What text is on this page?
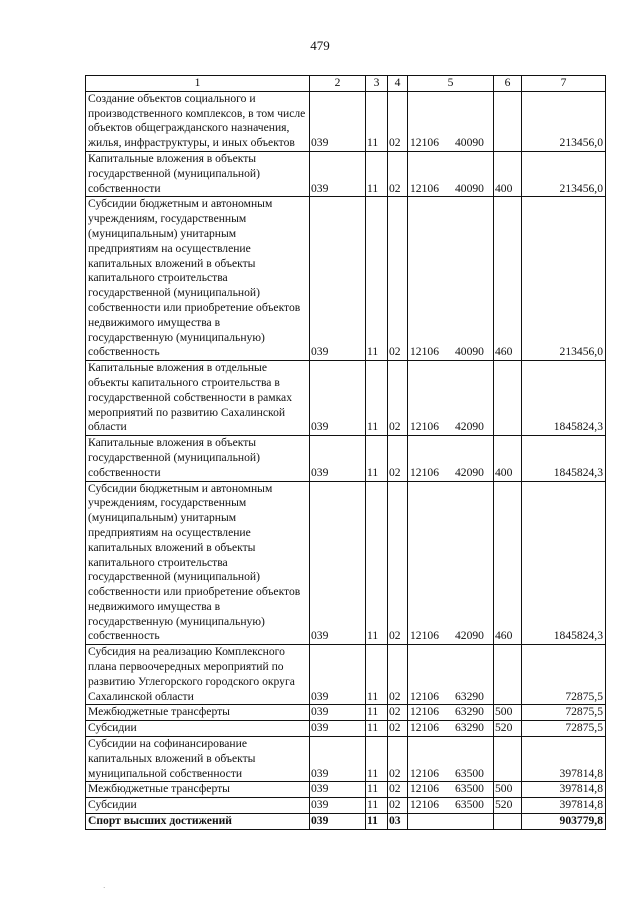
479
1	2	3	4	5	6	7
Создание объектов социального и производственного комплексов, в том числе объектов общегражданского назначения, жилья, инфраструктуры, и иных объектов	039	11	02	12106 40090		213456,0
Капитальные вложения в объекты государственной (муниципальной) собственности	039	11	02	12106 40090	400	213456,0
Субсидии бюджетным и автономным учреждениям, государственным (муниципальным) унитарным предприятиям на осуществление капитальных вложений в объекты капитального строительства государственной (муниципальной) собственности или приобретение объектов недвижимого имущества в государственную (муниципальную) собственность	039	11	02	12106 40090	460	213456,0
Капитальные вложения в отдельные объекты капитального строительства в государственной собственности в рамках мероприятий по развитию Сахалинской области	039	11	02	12106 42090		1845824,3
Капитальные вложения в объекты государственной (муниципальной) собственности	039	11	02	12106 42090	400	1845824,3
Субсидии бюджетным и автономным учреждениям, государственным (муниципальным) унитарным предприятиям на осуществление капитальных вложений в объекты капитального строительства государственной (муниципальной) собственности или приобретение объектов недвижимого имущества в государственную (муниципальную) собственность	039	11	02	12106 42090	460	1845824,3
Субсидия на реализацию Комплексного плана первоочередных мероприятий по развитию Углегорского городского округа Сахалинской области	039	11	02	12106 63290		72875,5
Межбюджетные трансферты	039	11	02	12106 63290	500	72875,5
Субсидии	039	11	02	12106 63290	520	72875,5
Субсидии на софинансирование капитальных вложений в объекты муниципальной собственности	039	11	02	12106 63500		397814,8
Межбюджетные трансферты	039	11	02	12106 63500	500	397814,8
Субсидии	039	11	02	12106 63500	520	397814,8
Спорт высших достижений	039	11	03			903779,8
·
